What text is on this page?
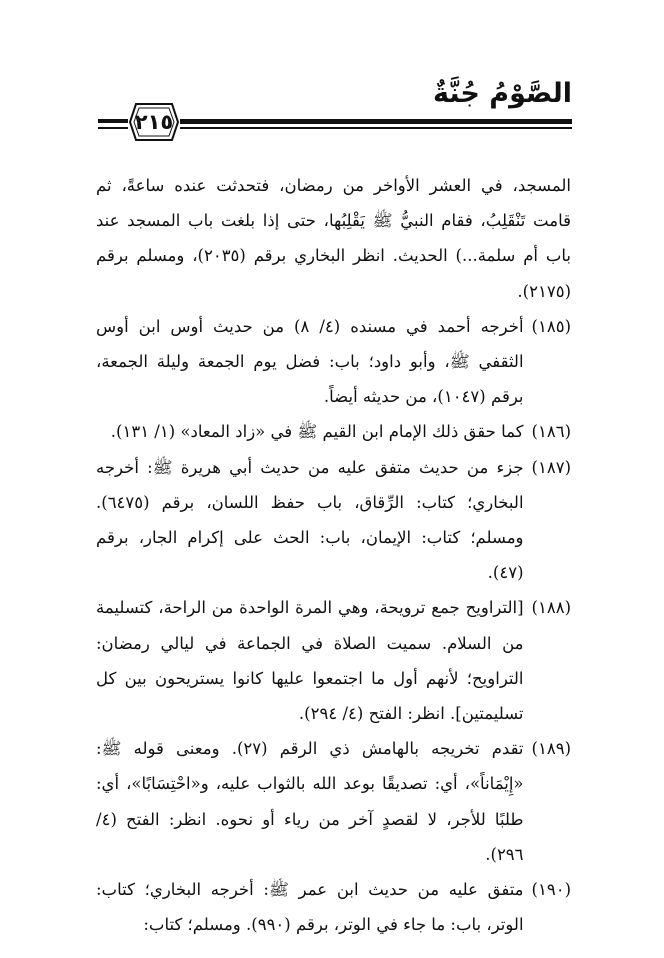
الصَّوْمُ جُنَّةٌ
٢١٥

المسجد، في العشر الأواخر من رمضان، فتحدثت عنده ساعةً، ثم قامت تَنْقَلِبُ، فقام النبيُّ ﷺ يَقْلِبُها، حتى إذا بلغت باب المسجد عند باب أم سلمة...) الحديث. انظر البخاري برقم (٢٠٣٥)، ومسلم برقم (٢١٧٥).

(١٨٥)
أخرجه أحمد في مسنده (٤/ ٨) من حديث أوس ابن أوس الثقفي ﷺ، وأبو داود؛ باب: فضل يوم الجمعة وليلة الجمعة، برقم (١٠٤٧)، من حديثه أيضاً.
(١٨٦)
كما حقق ذلك الإمام ابن القيم ﷺ في «زاد المعاد» (١/ ١٣١).
(١٨٧)
جزء من حديث متفق عليه من حديث أبي هريرة ﷺ: أخرجه البخاري؛ كتاب: الرِّقاق، باب حفظ اللسان، برقم (٦٤٧٥). ومسلم؛ كتاب: الإيمان، باب: الحث على إكرام الجار، برقم (٤٧).
(١٨٨)
[التراويح جمع ترويحة، وهي المرة الواحدة من الراحة، كتسليمة من السلام. سميت الصلاة في الجماعة في ليالي رمضان: التراويح؛ لأنهم أول ما اجتمعوا عليها كانوا يستريحون بين كل تسليمتين]. انظر: الفتح (٤/ ٢٩٤).
(١٨٩)
تقدم تخريجه بالهامش ذي الرقم (٢٧). ومعنى قوله ﷺ: «إِيْمَاناً»، أي: تصديقًا بوعد الله بالثواب عليه، و«احْتِسَابًا»، أي: طلبًا للأجر، لا لقصدٍ آخر من رياء أو نحوه. انظر: الفتح (٤/ ٢٩٦).
(١٩٠)
متفق عليه من حديث ابن عمر ﷺ: أخرجه البخاري؛ كتاب: الوتر، باب: ما جاء في الوتر، برقم (٩٩٠). ومسلم؛ كتاب:
